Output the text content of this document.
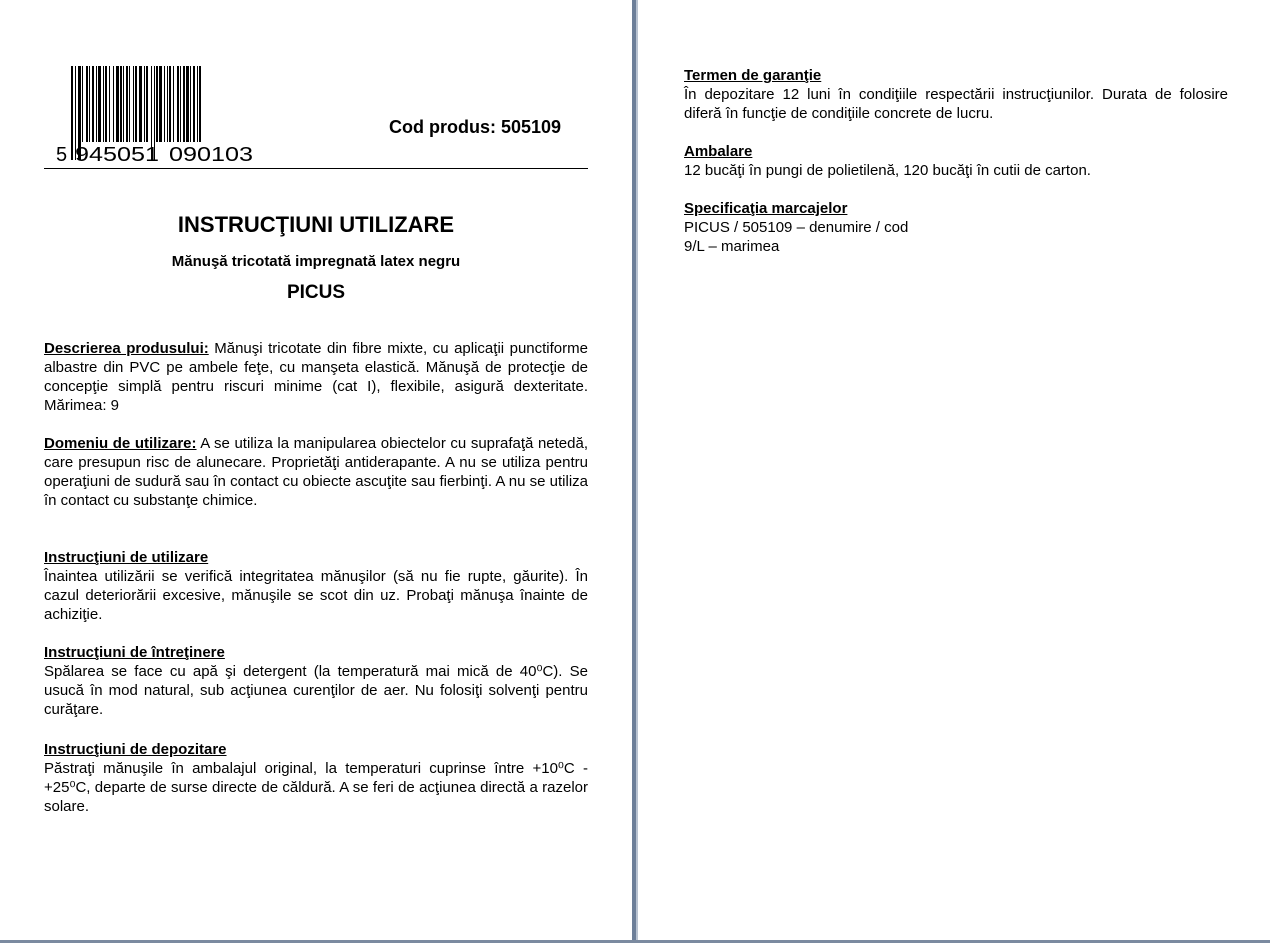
5 945051 090103
Cod produs: 505109
INSTRUCŢIUNI UTILIZARE
Mănuşă tricotată impregnată latex negru
PICUS

Descrierea produsului: Mănuşi tricotate din fibre mixte, cu aplicaţii punctiforme albastre din PVC pe ambele feţe, cu manşeta elastică. Mănuşă de protecţie de concepţie simplă pentru riscuri minime (cat I), flexibile, asigură dexteritate. Mărimea: 9

Domeniu de utilizare: A se utiliza la manipularea obiectelor cu suprafaţă netedă, care presupun risc de alunecare. Proprietăţi antiderapante. A nu se utiliza pentru operaţiuni de sudură sau în contact cu obiecte ascuţite sau fierbinţi. A nu se utiliza în contact cu substanţe chimice.

Instrucţiuni de utilizare

Înaintea utilizării se verifică integritatea mănuşilor (să nu fie rupte, găurite). În cazul deteriorării excesive, mănuşile se scot din uz. Probaţi mănuşa înainte de achiziţie.

Instrucţiuni de întreţinere

Spălarea se face cu apă şi detergent (la temperatură mai mică de 40⁰C). Se usucă în mod natural, sub acţiunea curenţilor de aer. Nu folosiţi solvenţi pentru curăţare.

Instrucţiuni de depozitare

Păstraţi mănuşile în ambalajul original, la temperaturi cuprinse între +10⁰C - +25⁰C, departe de surse directe de căldură. A se feri de acţiunea directă a razelor solare.

Termen de garanţie

În depozitare 12 luni în condiţiile respectării instrucţiunilor. Durata de folosire diferă în funcţie de condiţiile concrete de lucru.

Ambalare

12 bucăţi în pungi de polietilenă, 120 bucăţi în cutii de carton.

Specificaţia marcajelor

PICUS / 505109 – denumire / cod

9/L – marimea
